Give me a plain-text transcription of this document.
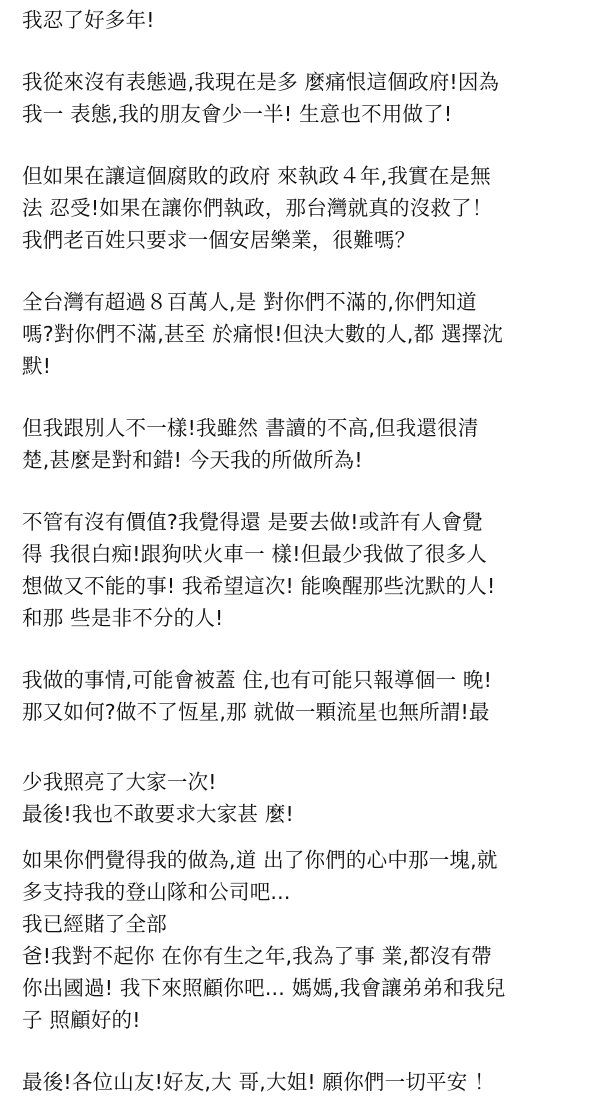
我忍了好多年!
我從來沒有表態過,我現在是多 麼痛恨這個政府!因為
我一 表態,我的朋友會少一半! 生意也不用做了!
但如果在讓這個腐敗的政府 來執政４年,我實在是無
法 忍受!如果在讓你們執政，那台灣就真的沒救了！
我們老百姓只要求一個安居樂業，很難嗎？
全台灣有超過８百萬人,是 對你們不滿的,你們知道
嗎?對你們不滿,甚至 於痛恨!但決大數的人,都 選擇沈
默!
但我跟別人不一樣!我雖然 書讀的不高,但我還很清
楚,甚麼是對和錯! 今天我的所做所為!
不管有沒有價值?我覺得還 是要去做!或許有人會覺
得 我很白痴!跟狗吠火車一 樣!但最少我做了很多人
想做又不能的事! 我希望這次! 能喚醒那些沈默的人!
和那 些是非不分的人!
我做的事情,可能會被蓋 住,也有可能只報導個一 晚!
那又如何?做不了恆星,那 就做一顆流星也無所謂!最
少我照亮了大家一次!
最後!我也不敢要求大家甚 麼!
如果你們覺得我的做為,道 出了你們的心中那一塊,就
多支持我的登山隊和公司吧...
我已經賭了全部
爸!我對不起你 在你有生之年,我為了事 業,都沒有帶
你出國過! 我下來照顧你吧... 媽媽,我會讓弟弟和我兒
子 照顧好的!
最後!各位山友!好友,大 哥,大姐! 願你們一切平安 ！
